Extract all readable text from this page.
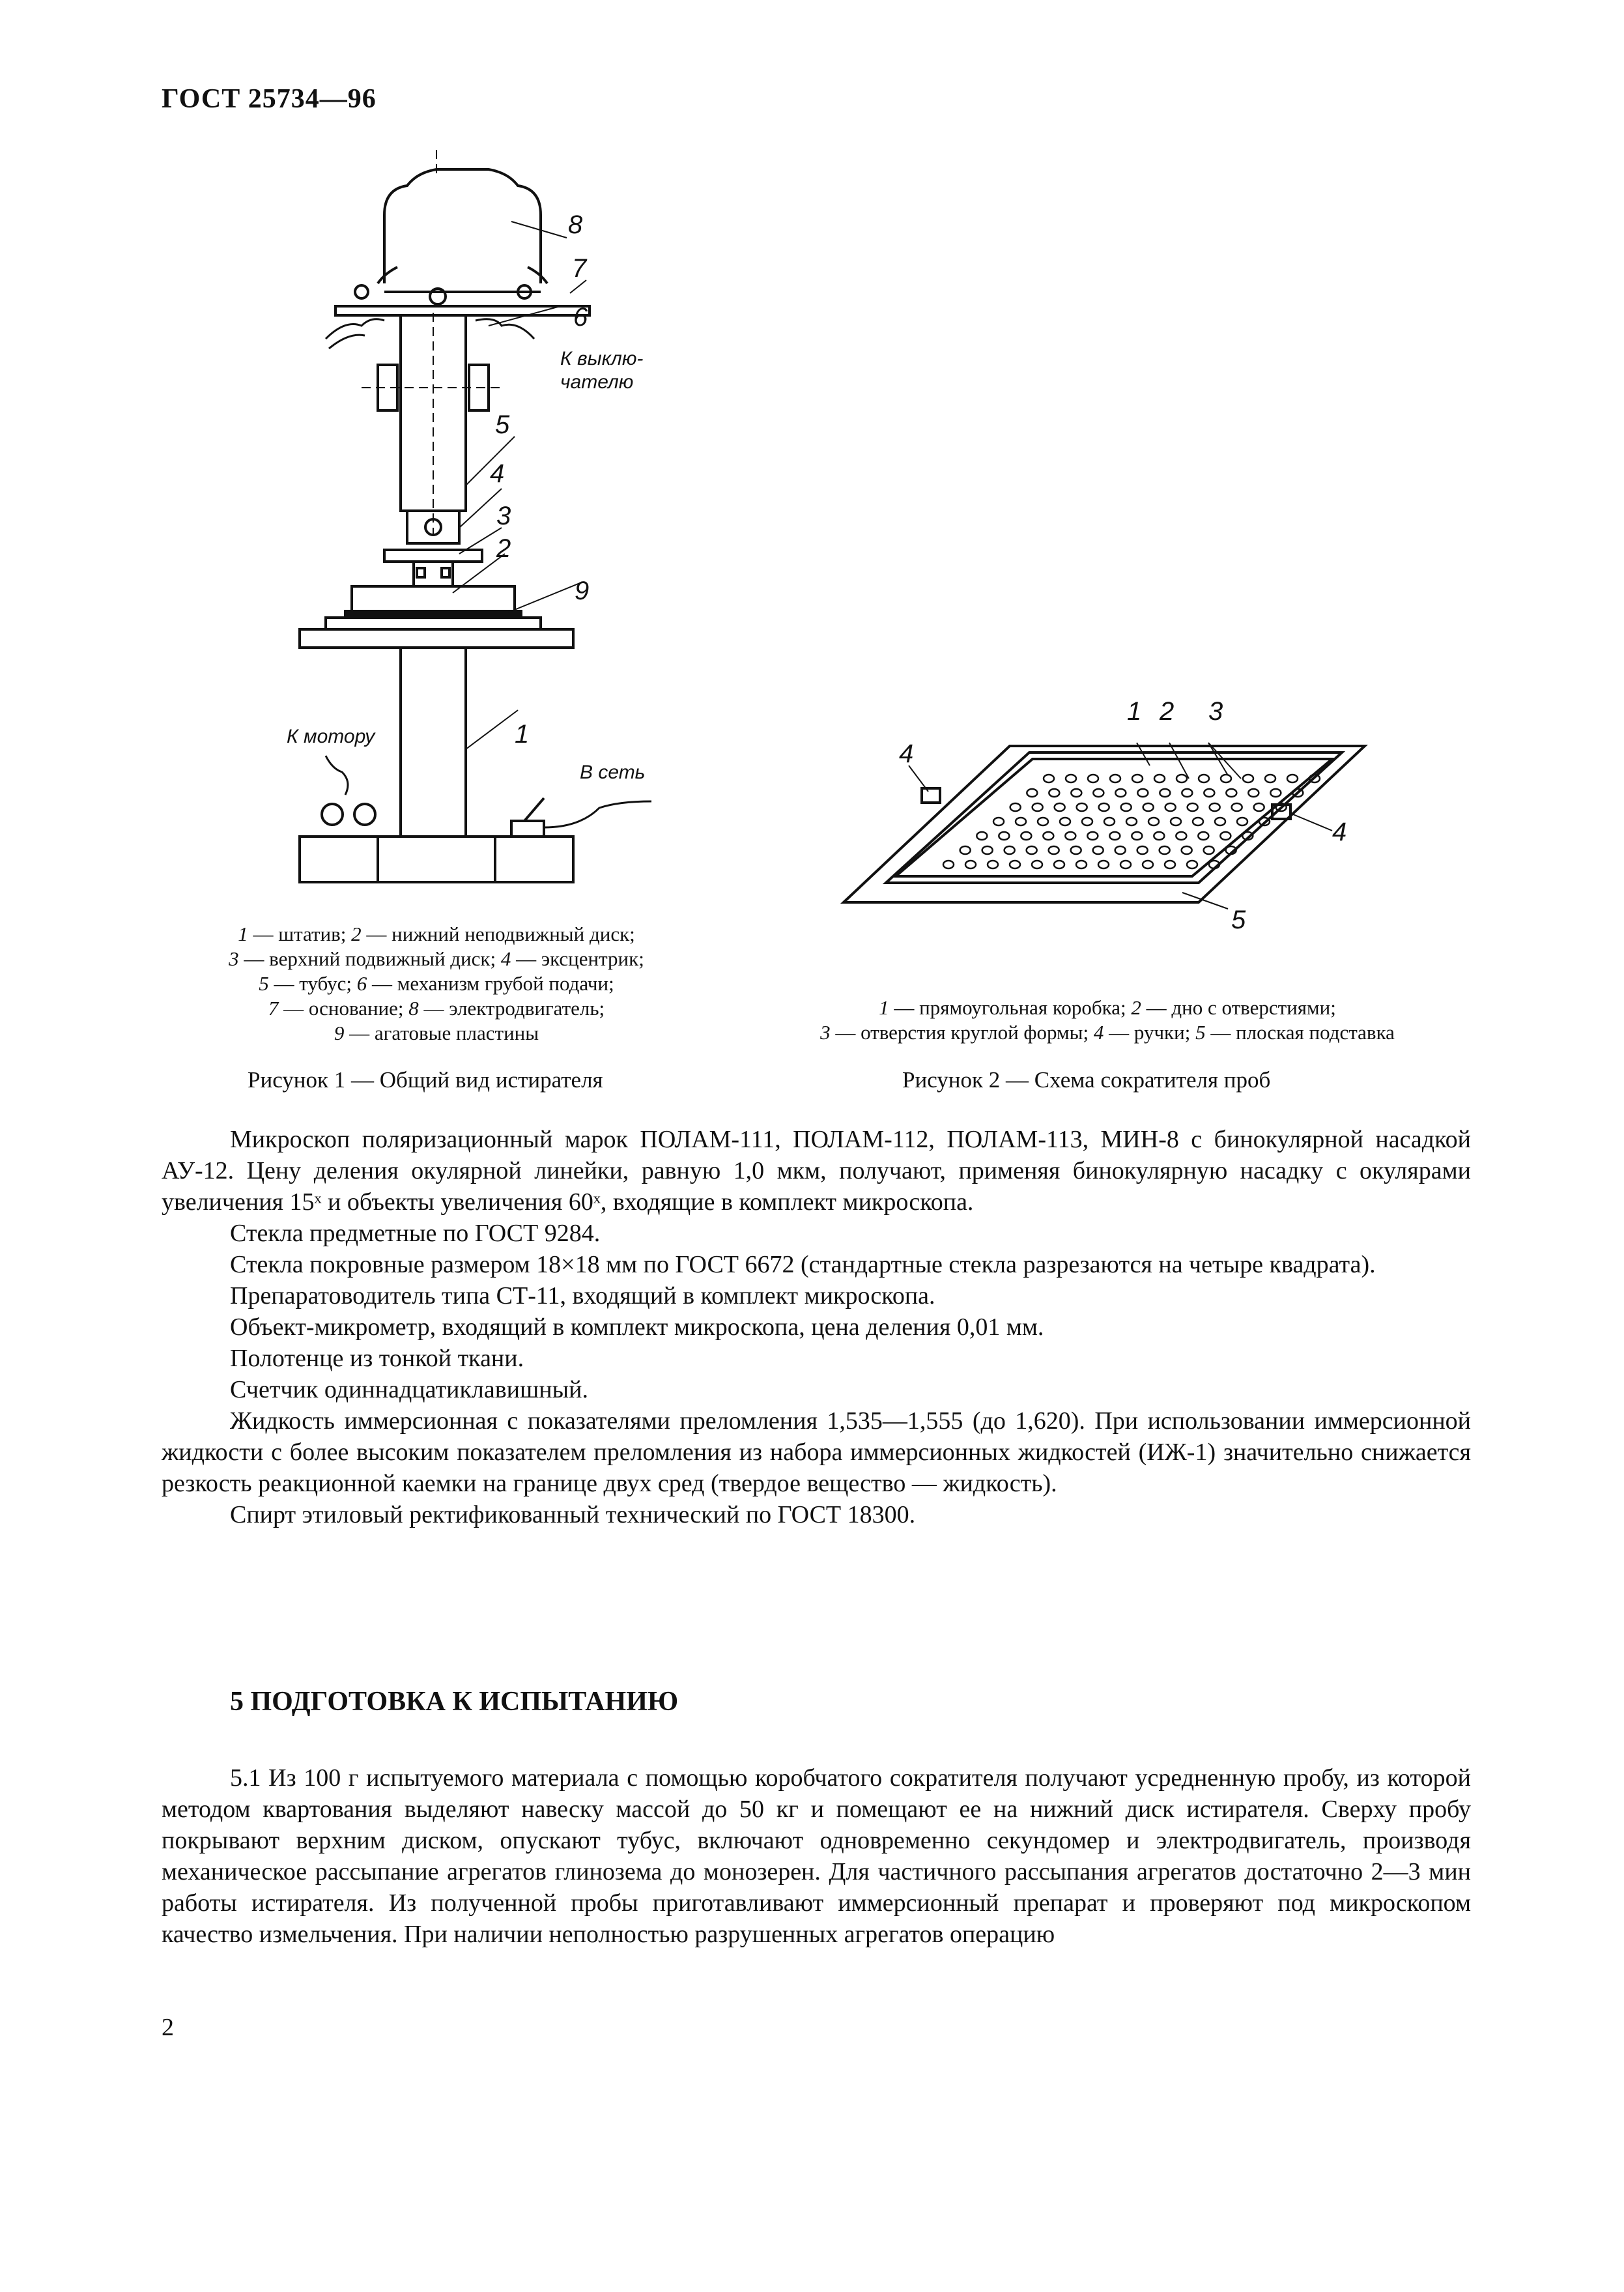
ГОСТ 25734—96
8
7
6
5
4
3
2
9
1
К выклю-
чателю
К мотору
В сеть
1 — штатив; 2 — нижний неподвижный диск;
3 — верхний подвижный диск; 4 — эксцентрик;
5 — тубус; 6 — механизм грубой подачи;
7 — основание; 8 — электродвигатель;
9 — агатовые пластины
Рисунок 1 — Общий вид истирателя
1 2 3
4
4
5
1 — прямоугольная коробка; 2 — дно с отверстиями;
3 — отверстия круглой формы; 4 — ручки; 5 — плоская подставка
Рисунок 2 — Схема сократителя проб

Микроскоп поляризационный марок ПОЛАМ-111, ПОЛАМ-112, ПОЛАМ-113, МИН-8 с бинокулярной насадкой АУ-12. Цену деления окулярной линейки, равную 1,0 мкм, получают, применяя бинокулярную насадку с окулярами увеличения 15ˣ и объекты увеличения 60ˣ, входящие в комплект микроскопа.

Стекла предметные по ГОСТ 9284.

Стекла покровные размером 18×18 мм по ГОСТ 6672 (стандартные стекла разрезаются на четыре квадрата).

Препаратоводитель типа СТ-11, входящий в комплект микроскопа.

Объект-микрометр, входящий в комплект микроскопа, цена деления 0,01 мм.

Полотенце из тонкой ткани.

Счетчик одиннадцатиклавишный.

Жидкость иммерсионная с показателями преломления 1,535—1,555 (до 1,620). При использовании иммерсионной жидкости с более высоким показателем преломления из набора иммерсионных жидкостей (ИЖ-1) значительно снижается резкость реакционной каемки на границе двух сред (твердое вещество — жидкость).

Спирт этиловый ректификованный технический по ГОСТ 18300.

5 ПОДГОТОВКА К ИСПЫТАНИЮ

5.1 Из 100 г испытуемого материала с помощью коробчатого сократителя получают усредненную пробу, из которой методом квартования выделяют навеску массой до 50 кг и помещают ее на нижний диск истирателя. Сверху пробу покрывают верхним диском, опускают тубус, включают одновременно секундомер и электродвигатель, производя механическое рассыпание агрегатов глинозема до монозерен. Для частичного рассыпания агрегатов достаточно 2—3 мин работы истирателя. Из полученной пробы приготавливают иммерсионный препарат и проверяют под микроскопом качество измельчения. При наличии неполностью разрушенных агрегатов операцию

2
